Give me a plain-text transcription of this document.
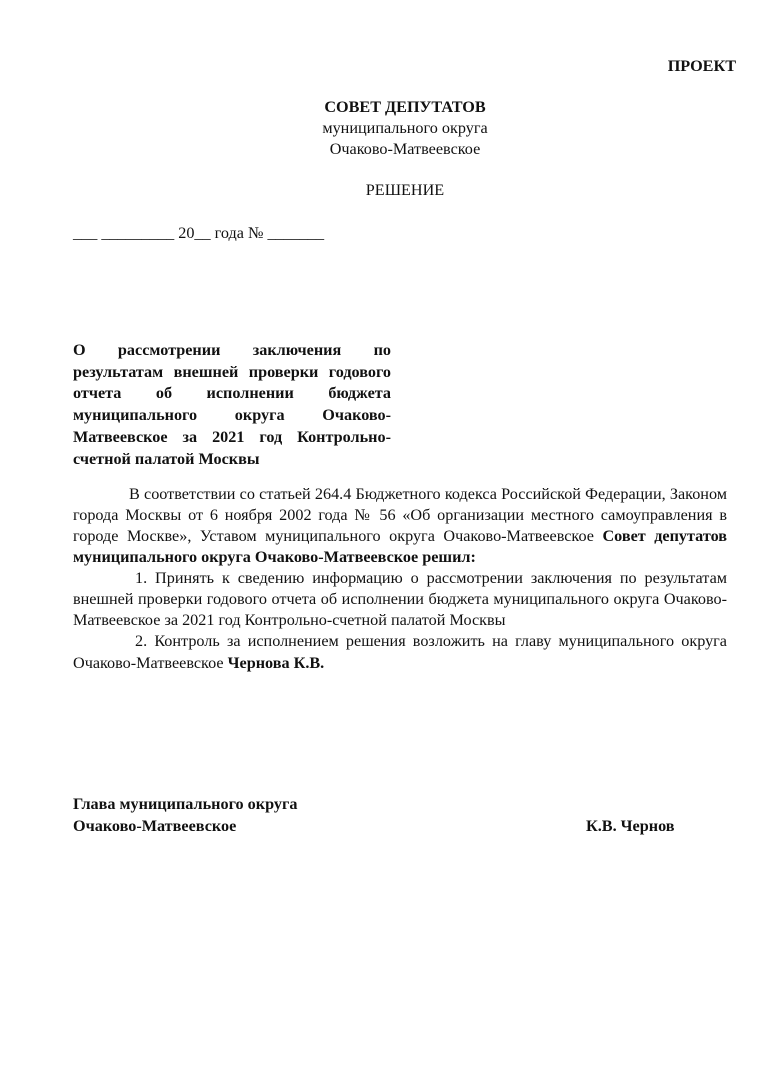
ПРОЕКТ
СОВЕТ ДЕПУТАТОВ
муниципального округа
Очаково-Матвеевское
РЕШЕНИЕ
___ _________ 20__ года № _______
О рассмотрении заключения по результатам внешней проверки годового отчета об исполнении бюджета муниципального округа Очаково-Матвеевское за 2021 год Контрольно-счетной палатой Москвы

В соответствии со статьей 264.4 Бюджетного кодекса Российской Федерации, Законом города Москвы от 6 ноября 2002 года № 56 «Об организации местного самоуправления в городе Москве», Уставом муниципального округа Очаково-Матвеевское Совет депутатов муниципального округа Очаково-Матвеевское решил:

1. Принять к сведению информацию о рассмотрении заключения по результатам внешней проверки годового отчета об исполнении бюджета муниципального округа Очаково-Матвеевское за 2021 год Контрольно-счетной палатой Москвы

2. Контроль за исполнением решения возложить на главу муниципального округа Очаково-Матвеевское Чернова К.В.

Глава муниципального округа
Очаково-Матвеевское	К.В. Чернов
